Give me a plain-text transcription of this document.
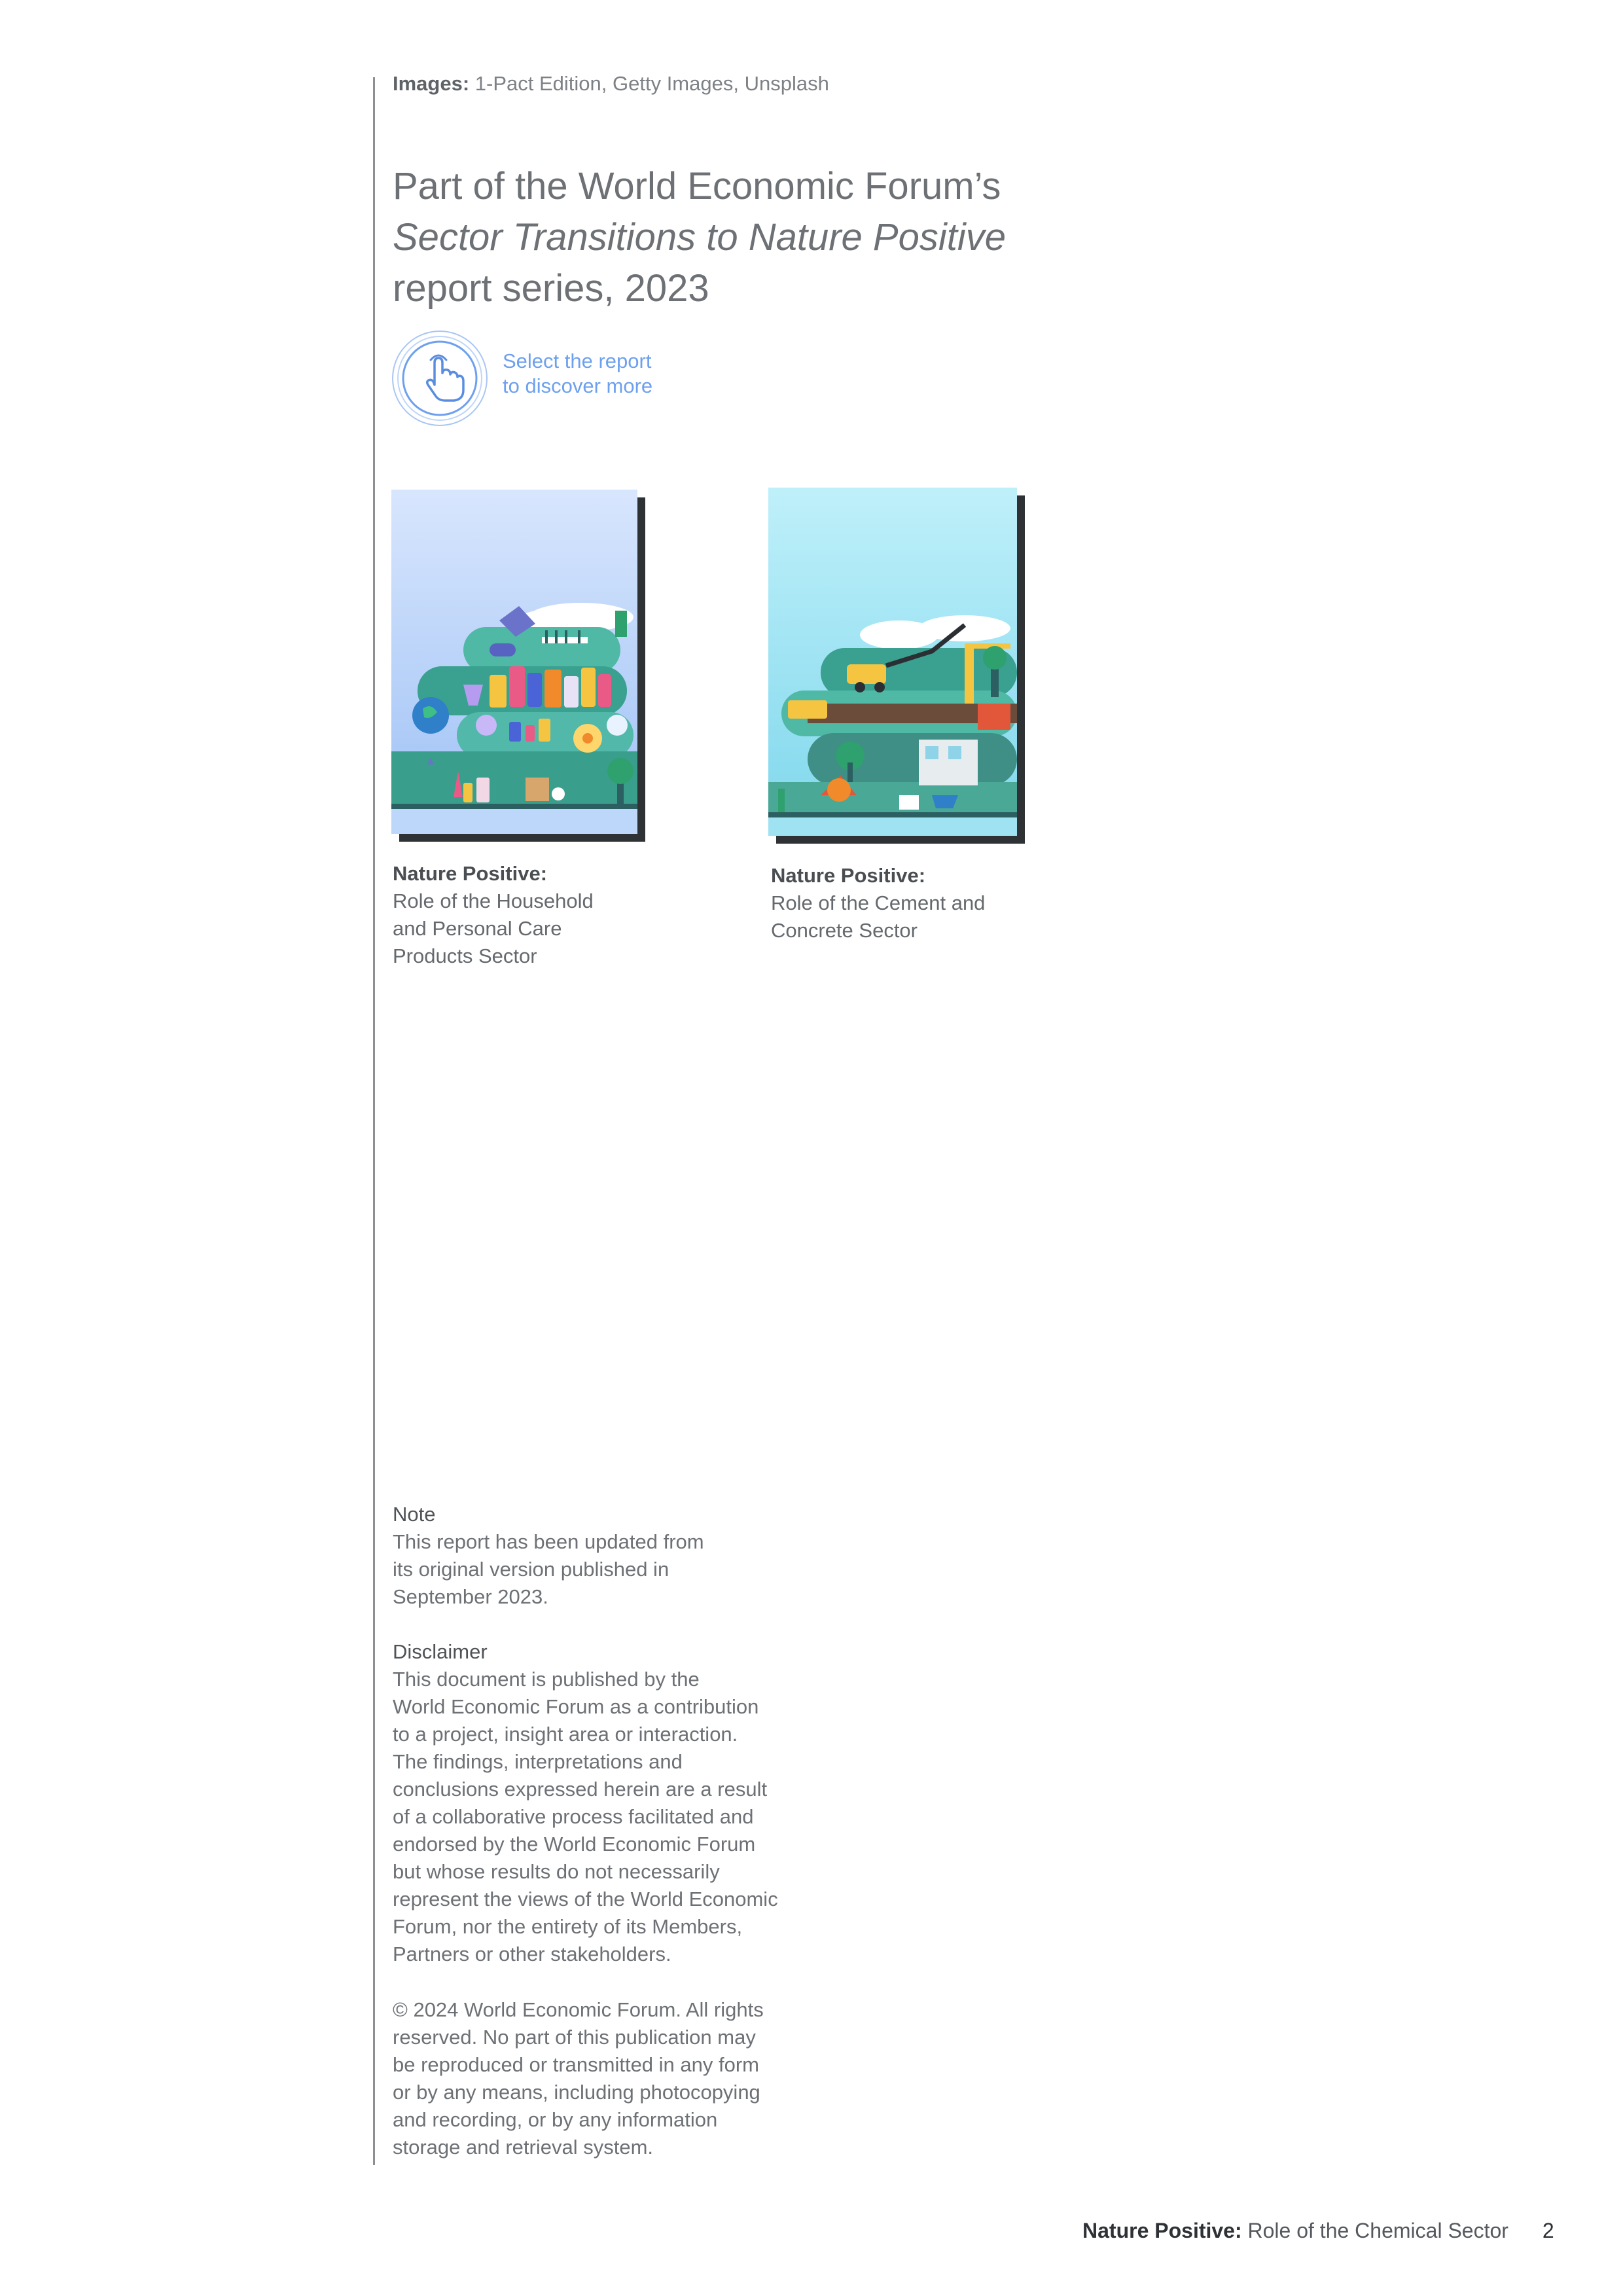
Images: 1-Pact Edition, Getty Images, Unsplash
Part of the World Economic Forum’s
Sector Transitions to Nature Positive
report series, 2023
Select the report
to discover more
Nature Positive:
Role of the Household
and Personal Care
Products Sector
Nature Positive:
Role of the Cement and
Concrete Sector
Note
This report has been updated from
its original version published in
September 2023.
Disclaimer
This document is published by the
World Economic Forum as a contribution
to a project, insight area or interaction.
The findings, interpretations and
conclusions expressed herein are a result
of a collaborative process facilitated and
endorsed by the World Economic Forum
but whose results do not necessarily
represent the views of the World Economic
Forum, nor the entirety of its Members,
Partners or other stakeholders.
© 2024 World Economic Forum. All rights
reserved. No part of this publication may
be reproduced or transmitted in any form
or by any means, including photocopying
and recording, or by any information
storage and retrieval system.
Nature Positive: Role of the Chemical Sector 2
